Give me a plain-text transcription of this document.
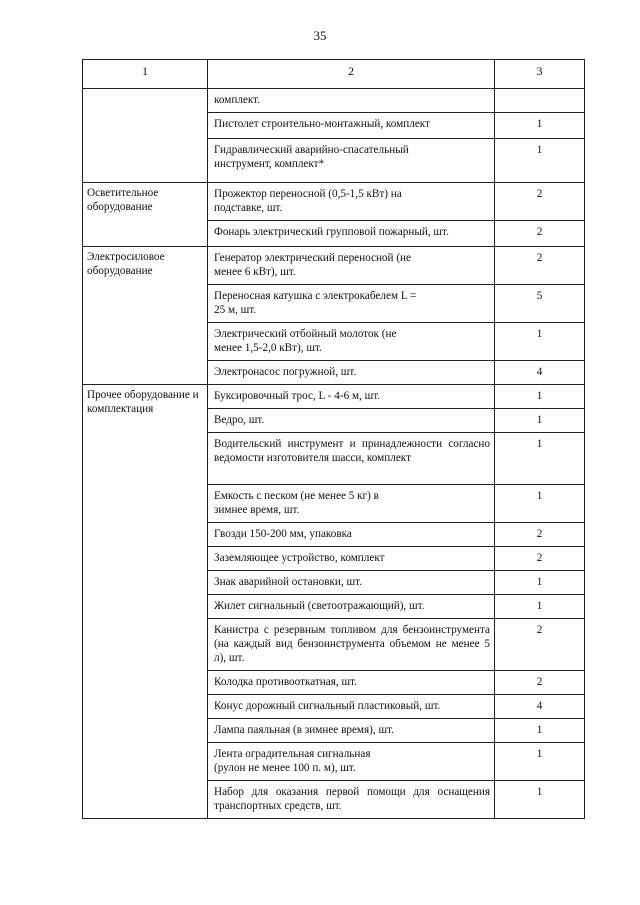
35
1	2	3
	комплект.	
	Пистолет строительно-монтажный, комплект	1
	Гидравлический аварийно-спасательный инструмент, комплект*	1
Осветительное оборудование	Прожектор переносной (0,5-1,5 кВт) на подставке, шт.	2
	Фонарь электрический групповой пожарный, шт.	2
Электросиловое оборудование	Генератор электрический переносной (не менее 6 кВт), шт.	2
	Переносная катушка с электрокабелем L = 25 м, шт.	5
	Электрический отбойный молоток (не менее 1,5-2,0 кВт), шт.	1
	Электронасос погружной, шт.	4
Прочее оборудование и комплектация	Буксировочный трос, L - 4-6 м, шт.	1
	Ведро, шт.	1
	Водительский инструмент и принадлежности согласно ведомости изготовителя шасси, комплект	1
	Емкость с песком (не менее 5 кг) в зимнее время, шт.	1
	Гвозди 150-200 мм, упаковка	2
	Заземляющее устройство, комплект	2
	Знак аварийной остановки, шт.	1
	Жилет сигнальный (светоотражающий), шт.	1
	Канистра с резервным топливом для бензоинструмента (на каждый вид бензоинструмента объемом не менее 5 л), шт.	2
	Колодка противооткатная, шт.	2
	Конус дорожный сигнальный пластиковый, шт.	4
	Лампа паяльная (в зимнее время), шт.	1
	Лента оградительная сигнальная (рулон не менее 100 п. м), шт.	1
	Набор для оказания первой помощи для оснащения транспортных средств, шт.	1
